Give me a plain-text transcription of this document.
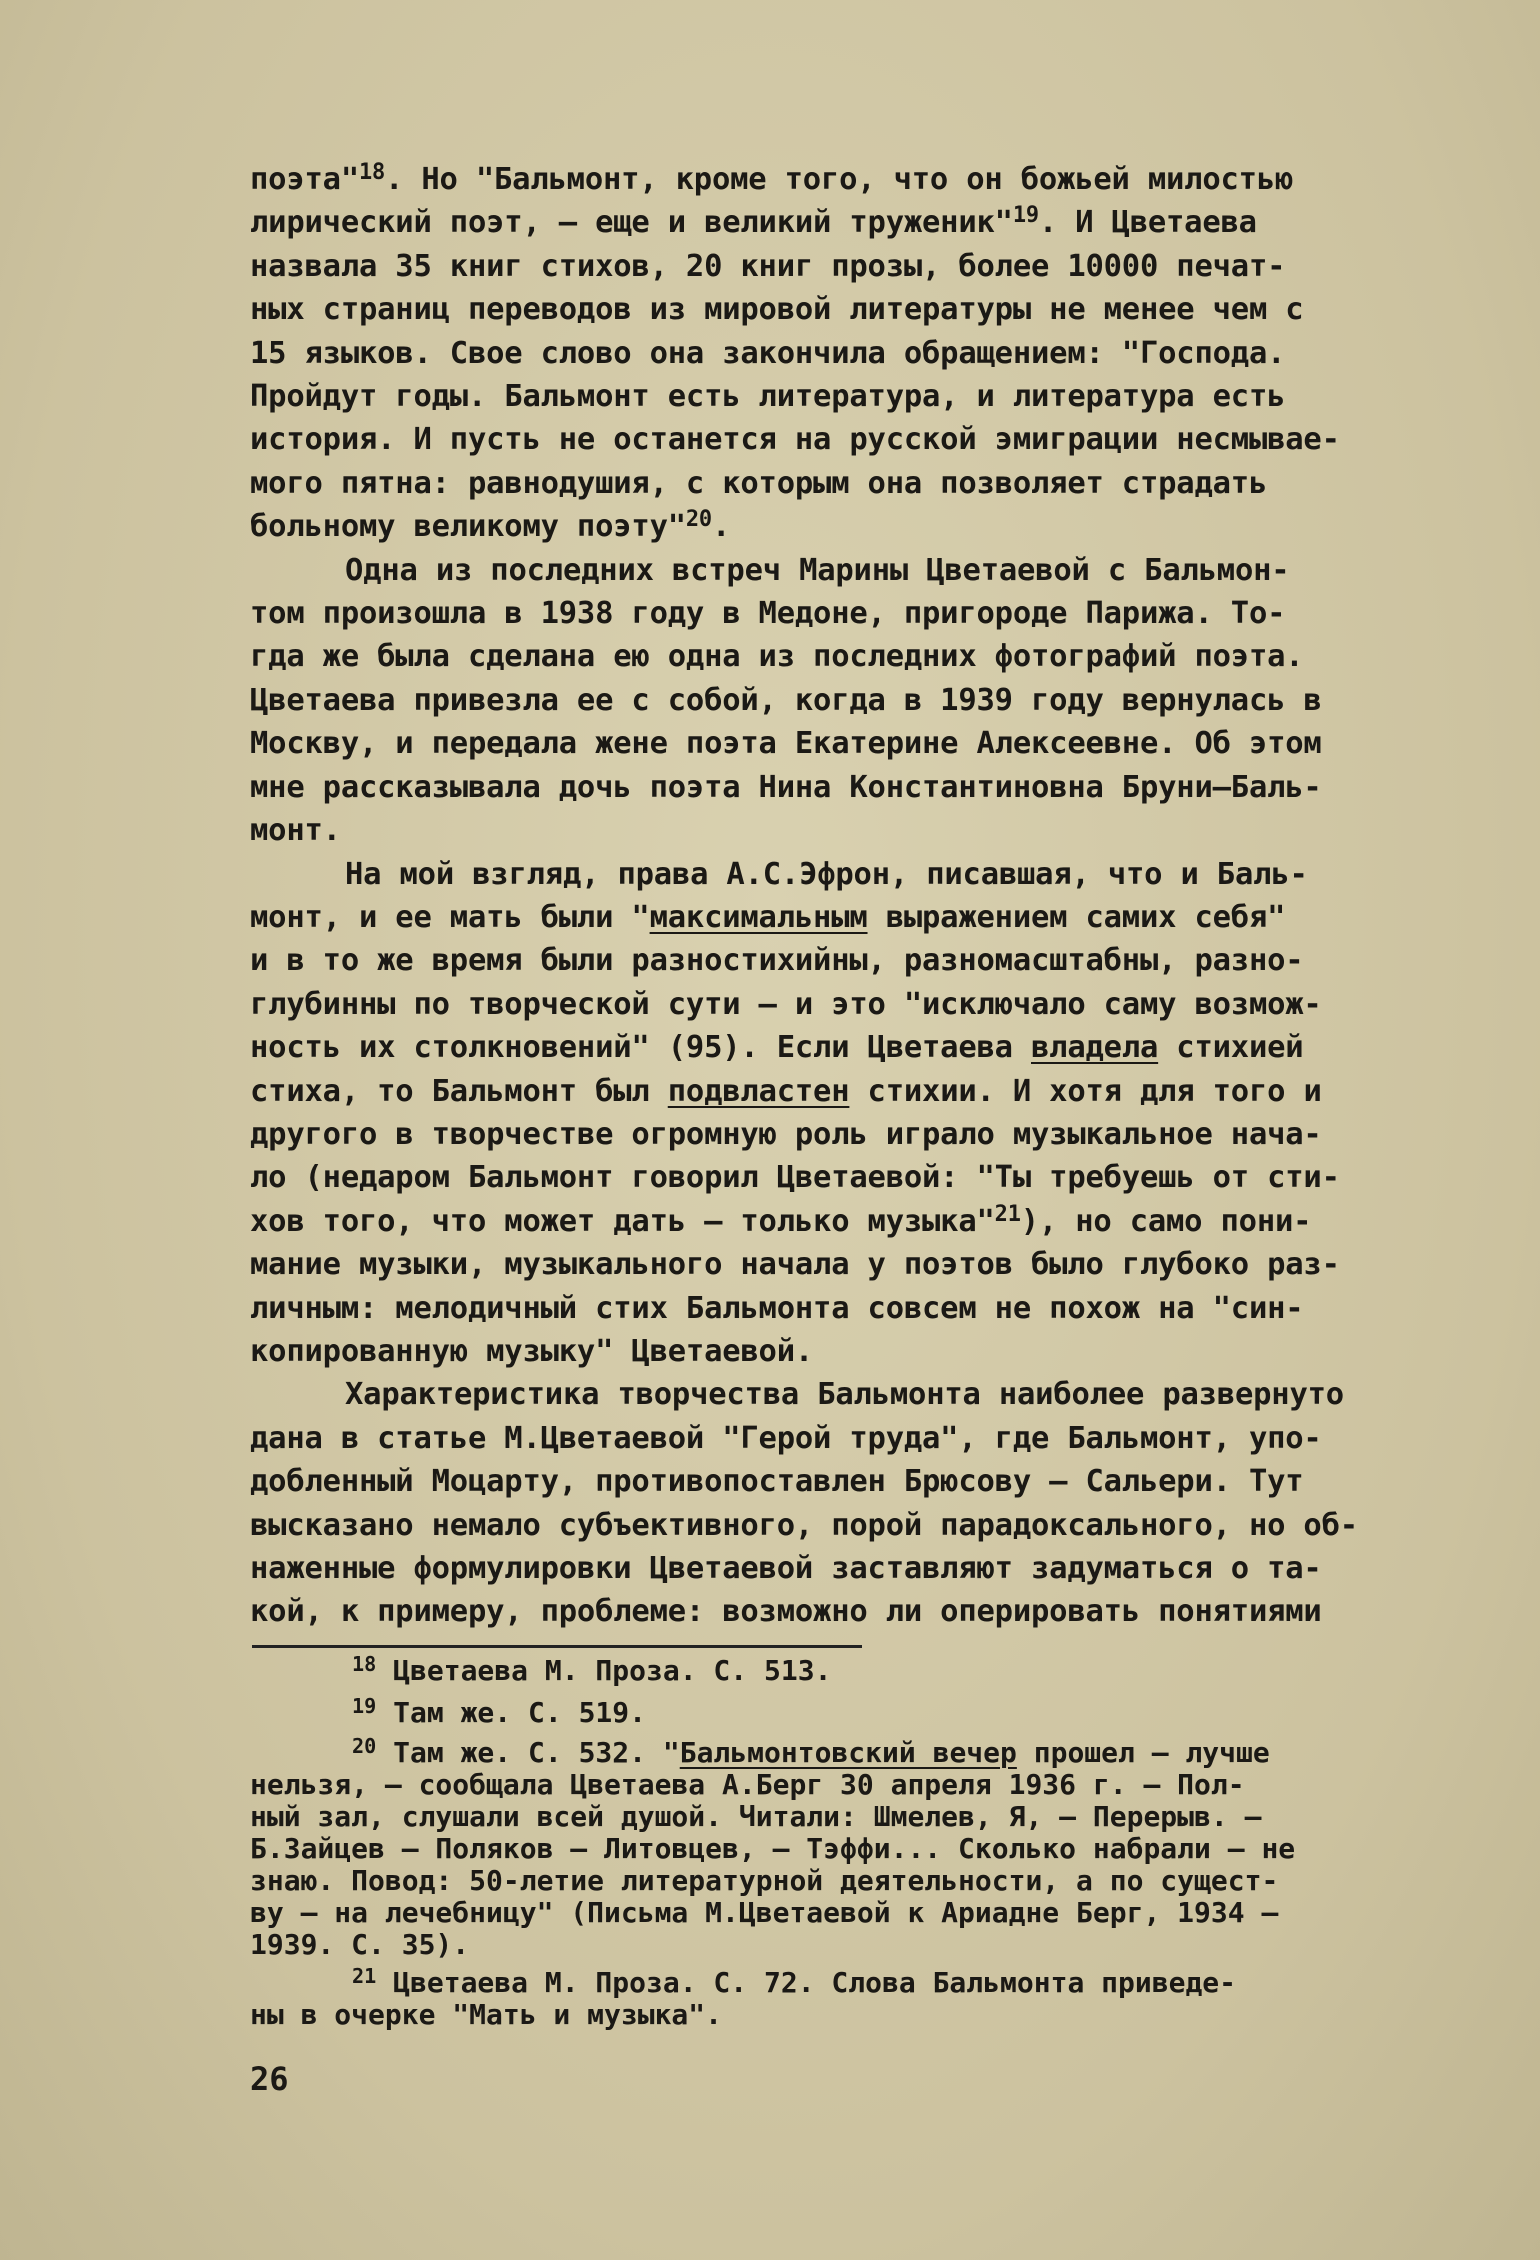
поэта"$^{18}$. Но "Бальмонт, кроме того, что он божьей милостью
лирический поэт, – еще и великий труженик"$^{19}$. И Цветаева
назвала 35 книг стихов, 20 книг прозы, более 10000 печат-
ных страниц переводов из мировой литературы не менее чем с
15 языков. Свое слово она закончила обращением: "Господа.
Пройдут годы. Бальмонт есть литература, и литература есть
история. И пусть не останется на русской эмиграции несмывае-
мого пятна: равнодушия, с которым она позволяет страдать
больному великому поэту"$^{20}$.

Одна из последних встреч Марины Цветаевой с Бальмон-
том произошла в 1938 году в Медоне, пригороде Парижа. То-
гда же была сделана ею одна из последних фотографий поэта.
Цветаева привезла ее с собой, когда в 1939 году вернулась в
Москву, и передала жене поэта Екатерине Алексеевне. Об этом
мне рассказывала дочь поэта Нина Константиновна Бруни–Баль-
монт.

На мой взгляд, права А.С.Эфрон, писавшая, что и Баль-
монт, и ее мать были "максимальным выражением самих себя"
и в то же время были разностихийны, разномасштабны, разно-
глубинны по творческой сути – и это "исключало саму возмож-
ность их столкновений" (95). Если Цветаева владела стихией
стиха, то Бальмонт был подвластен стихии. И хотя для того и
другого в творчестве огромную роль играло музыкальное нача-
ло (недаром Бальмонт говорил Цветаевой: "Ты требуешь от сти-
хов того, что может дать – только музыка"$^{21}$), но само пони-
мание музыки, музыкального начала у поэтов было глубоко раз-
личным: мелодичный стих Бальмонта совсем не похож на "син-
копированную музыку" Цветаевой.

Характеристика творчества Бальмонта наиболее развернуто
дана в статье М.Цветаевой "Герой труда", где Бальмонт, упо-
добленный Моцарту, противопоставлен Брюсову – Сальери. Тут
высказано немало субъективного, порой парадоксального, но об-
наженные формулировки Цветаевой заставляют задуматься о та-
кой, к примеру, проблеме: возможно ли оперировать понятиями

$^{18}$ Цветаева М. Проза. С. 513.
$^{19}$ Там же. С. 519.
$^{20}$ Там же. С. 532. "Бальмонтовский вечер прошел – лучше
нельзя, – сообщала Цветаева А.Берг 30 апреля 1936 г. – Пол-
ный зал, слушали всей душой. Читали: Шмелев, Я, – Перерыв. –
Б.Зайцев – Поляков – Литовцев, – Тэффи... Сколько набрали – не
знаю. Повод: 50-летие литературной деятельности, а по сущест-
ву – на лечебницу" (Письма М.Цветаевой к Ариадне Берг, 1934 –
1939. С. 35).
$^{21}$ Цветаева М. Проза. С. 72. Слова Бальмонта приведе-
ны в очерке "Мать и музыка".
26
